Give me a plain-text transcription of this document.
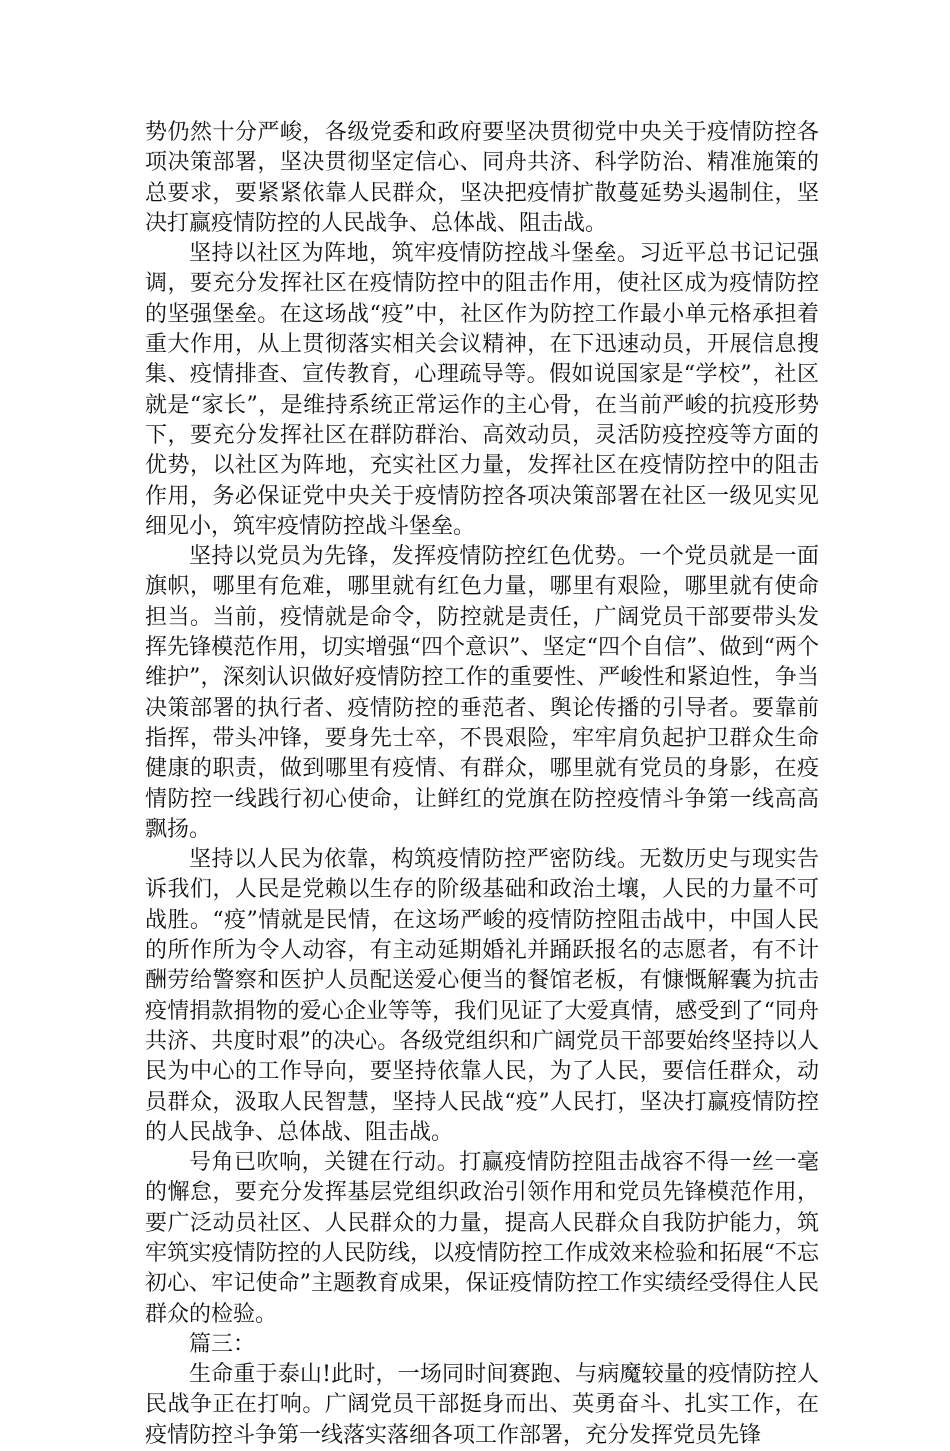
势仍然十分严峻，各级党委和政府要坚决贯彻党中央关于疫情防控各项决策部署，坚决贯彻坚定信心、同舟共济、科学防治、精准施策的总要求，要紧紧依靠人民群众，坚决把疫情扩散蔓延势头遏制住，坚决打赢疫情防控的人民战争、总体战、阻击战。

坚持以社区为阵地，筑牢疫情防控战斗堡垒。习近平总书记记强调，要充分发挥社区在疫情防控中的阻击作用，使社区成为疫情防控的坚强堡垒。在这场战“疫”中，社区作为防控工作最小单元格承担着重大作用，从上贯彻落实相关会议精神，在下迅速动员，开展信息搜集、疫情排查、宣传教育，心理疏导等。假如说国家是“学校”，社区就是“家长”，是维持系统正常运作的主心骨，在当前严峻的抗疫形势下，要充分发挥社区在群防群治、高效动员，灵活防疫控疫等方面的优势，以社区为阵地，充实社区力量，发挥社区在疫情防控中的阻击作用，务必保证党中央关于疫情防控各项决策部署在社区一级见实见细见小，筑牢疫情防控战斗堡垒。

坚持以党员为先锋，发挥疫情防控红色优势。一个党员就是一面旗帜，哪里有危难，哪里就有红色力量，哪里有艰险，哪里就有使命担当。当前，疫情就是命令，防控就是责任，广阔党员干部要带头发挥先锋模范作用，切实增强“四个意识”、坚定“四个自信”、做到“两个维护”，深刻认识做好疫情防控工作的重要性、严峻性和紧迫性，争当决策部署的执行者、疫情防控的垂范者、舆论传播的引导者。要靠前指挥，带头冲锋，要身先士卒，不畏艰险，牢牢肩负起护卫群众生命健康的职责，做到哪里有疫情、有群众，哪里就有党员的身影，在疫情防控一线践行初心使命，让鲜红的党旗在防控疫情斗争第一线高高飘扬。

坚持以人民为依靠，构筑疫情防控严密防线。无数历史与现实告诉我们，人民是党赖以生存的阶级基础和政治土壤，人民的力量不可战胜。“疫”情就是民情，在这场严峻的疫情防控阻击战中，中国人民的所作所为令人动容，有主动延期婚礼并踊跃报名的志愿者，有不计酬劳给警察和医护人员配送爱心便当的餐馆老板，有慷慨解囊为抗击疫情捐款捐物的爱心企业等等，我们见证了大爱真情，感受到了“同舟共济、共度时艰”的决心。各级党组织和广阔党员干部要始终坚持以人民为中心的工作导向，要坚持依靠人民，为了人民，要信任群众，动员群众，汲取人民智慧，坚持人民战“疫”人民打，坚决打赢疫情防控的人民战争、总体战、阻击战。

号角已吹响，关键在行动。打赢疫情防控阻击战容不得一丝一毫的懈怠，要充分发挥基层党组织政治引领作用和党员先锋模范作用，要广泛动员社区、人民群众的力量，提高人民群众自我防护能力，筑牢筑实疫情防控的人民防线，以疫情防控工作成效来检验和拓展“不忘初心、牢记使命”主题教育成果，保证疫情防控工作实绩经受得住人民群众的检验。

篇三：

生命重于泰山!此时，一场同时间赛跑、与病魔较量的疫情防控人民战争正在打响。广阔党员干部挺身而出、英勇奋斗、扎实工作，在疫情防控斗争第一线落实落细各项工作部署，充分发挥党员先锋
